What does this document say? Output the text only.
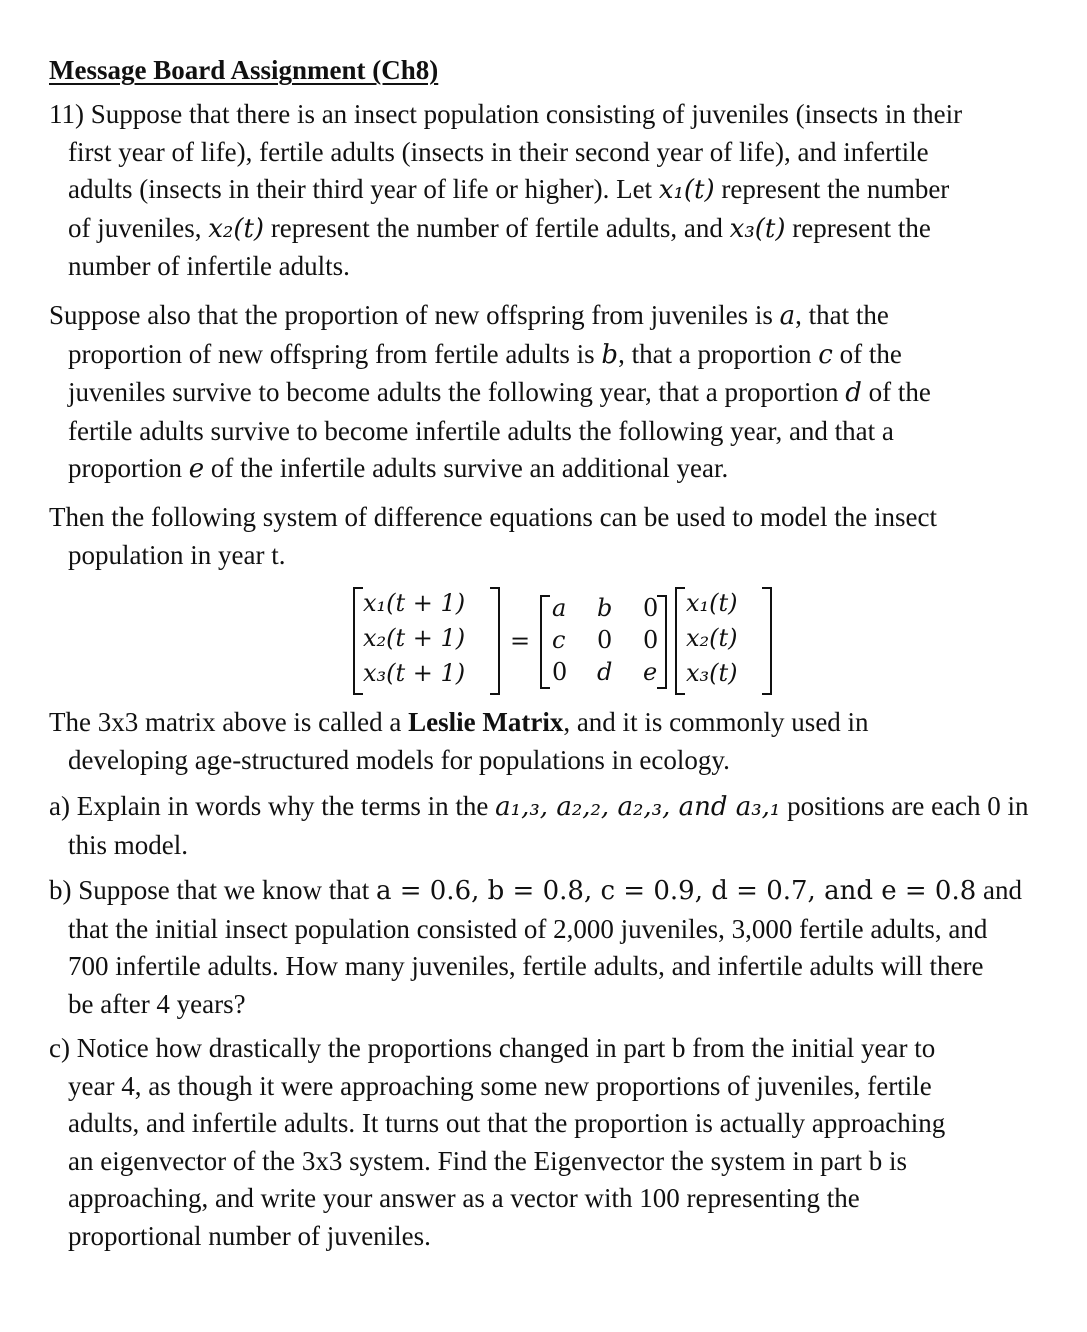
Message Board Assignment (Ch8)
11) Suppose that there is an insect population consisting of juveniles (insects in their
first year of life), fertile adults (insects in their second year of life), and infertile
adults (insects in their third year of life or higher). Let x₁(t) represent the number
of juveniles, x₂(t) represent the number of fertile adults, and x₃(t) represent the
number of infertile adults.
Suppose also that the proportion of new offspring from juveniles is a, that the
proportion of new offspring from fertile adults is b, that a proportion c of the
juveniles survive to become adults the following year, that a proportion d of the
fertile adults survive to become infertile adults the following year, and that a
proportion e of the infertile adults survive an additional year.
Then the following system of difference equations can be used to model the insect
population in year t.
x₁(t + 1)
x₂(t + 1)
x₃(t + 1)
=
a b 0
c 0 0
0 d e
x₁(t)
x₂(t)
x₃(t)
The 3x3 matrix above is called a Leslie Matrix, and it is commonly used in
developing age-structured models for populations in ecology.
a) Explain in words why the terms in the a₁,₃, a₂,₂, a₂,₃, and a₃,₁ positions are each 0 in
this model.
b) Suppose that we know that a = 0.6, b = 0.8, c = 0.9, d = 0.7, and e = 0.8 and
that the initial insect population consisted of 2,000 juveniles, 3,000 fertile adults, and
700 infertile adults. How many juveniles, fertile adults, and infertile adults will there
be after 4 years?
c) Notice how drastically the proportions changed in part b from the initial year to
year 4, as though it were approaching some new proportions of juveniles, fertile
adults, and infertile adults. It turns out that the proportion is actually approaching
an eigenvector of the 3x3 system. Find the Eigenvector the system in part b is
approaching, and write your answer as a vector with 100 representing the
proportional number of juveniles.
